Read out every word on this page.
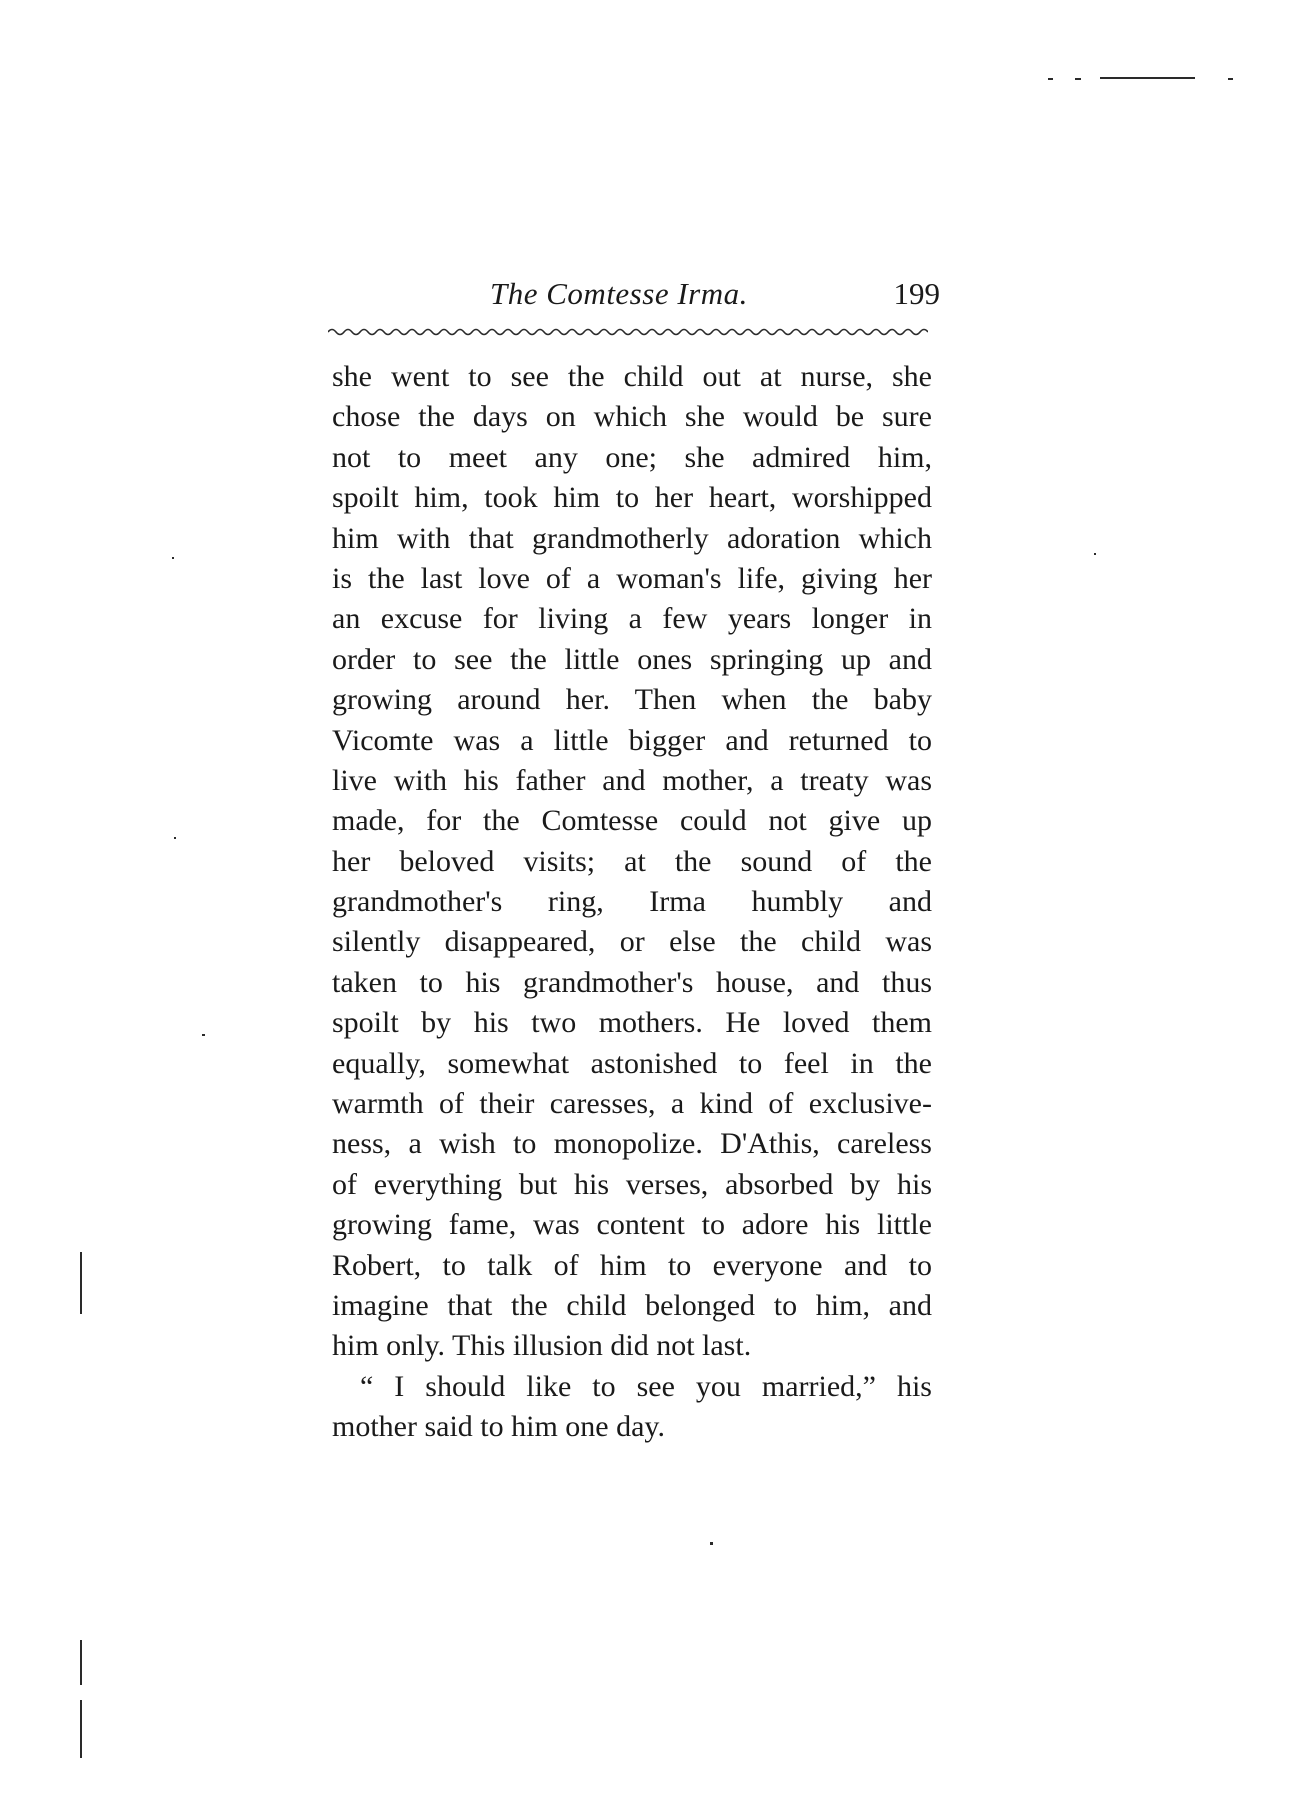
The Comtesse Irma.	199
she went to see the child out at nurse, she
chose the days on which she would be sure
not to meet any one; she admired him,
spoilt him, took him to her heart, worshipped
him with that grandmotherly adoration which
is the last love of a woman's life, giving her
an excuse for living a few years longer in
order to see the little ones springing up and
growing around her. Then when the baby
Vicomte was a little bigger and returned to
live with his father and mother, a treaty was
made, for the Comtesse could not give up
her beloved visits; at the sound of the
grandmother's ring, Irma humbly and
silently disappeared, or else the child was
taken to his grandmother's house, and thus
spoilt by his two mothers. He loved them
equally, somewhat astonished to feel in the
warmth of their caresses, a kind of exclusive-
ness, a wish to monopolize. D'Athis, careless
of everything but his verses, absorbed by his
growing fame, was content to adore his little
Robert, to talk of him to everyone and to
imagine that the child belonged to him, and
him only. This illusion did not last.
“ I should like to see you married,” his
mother said to him one day.
